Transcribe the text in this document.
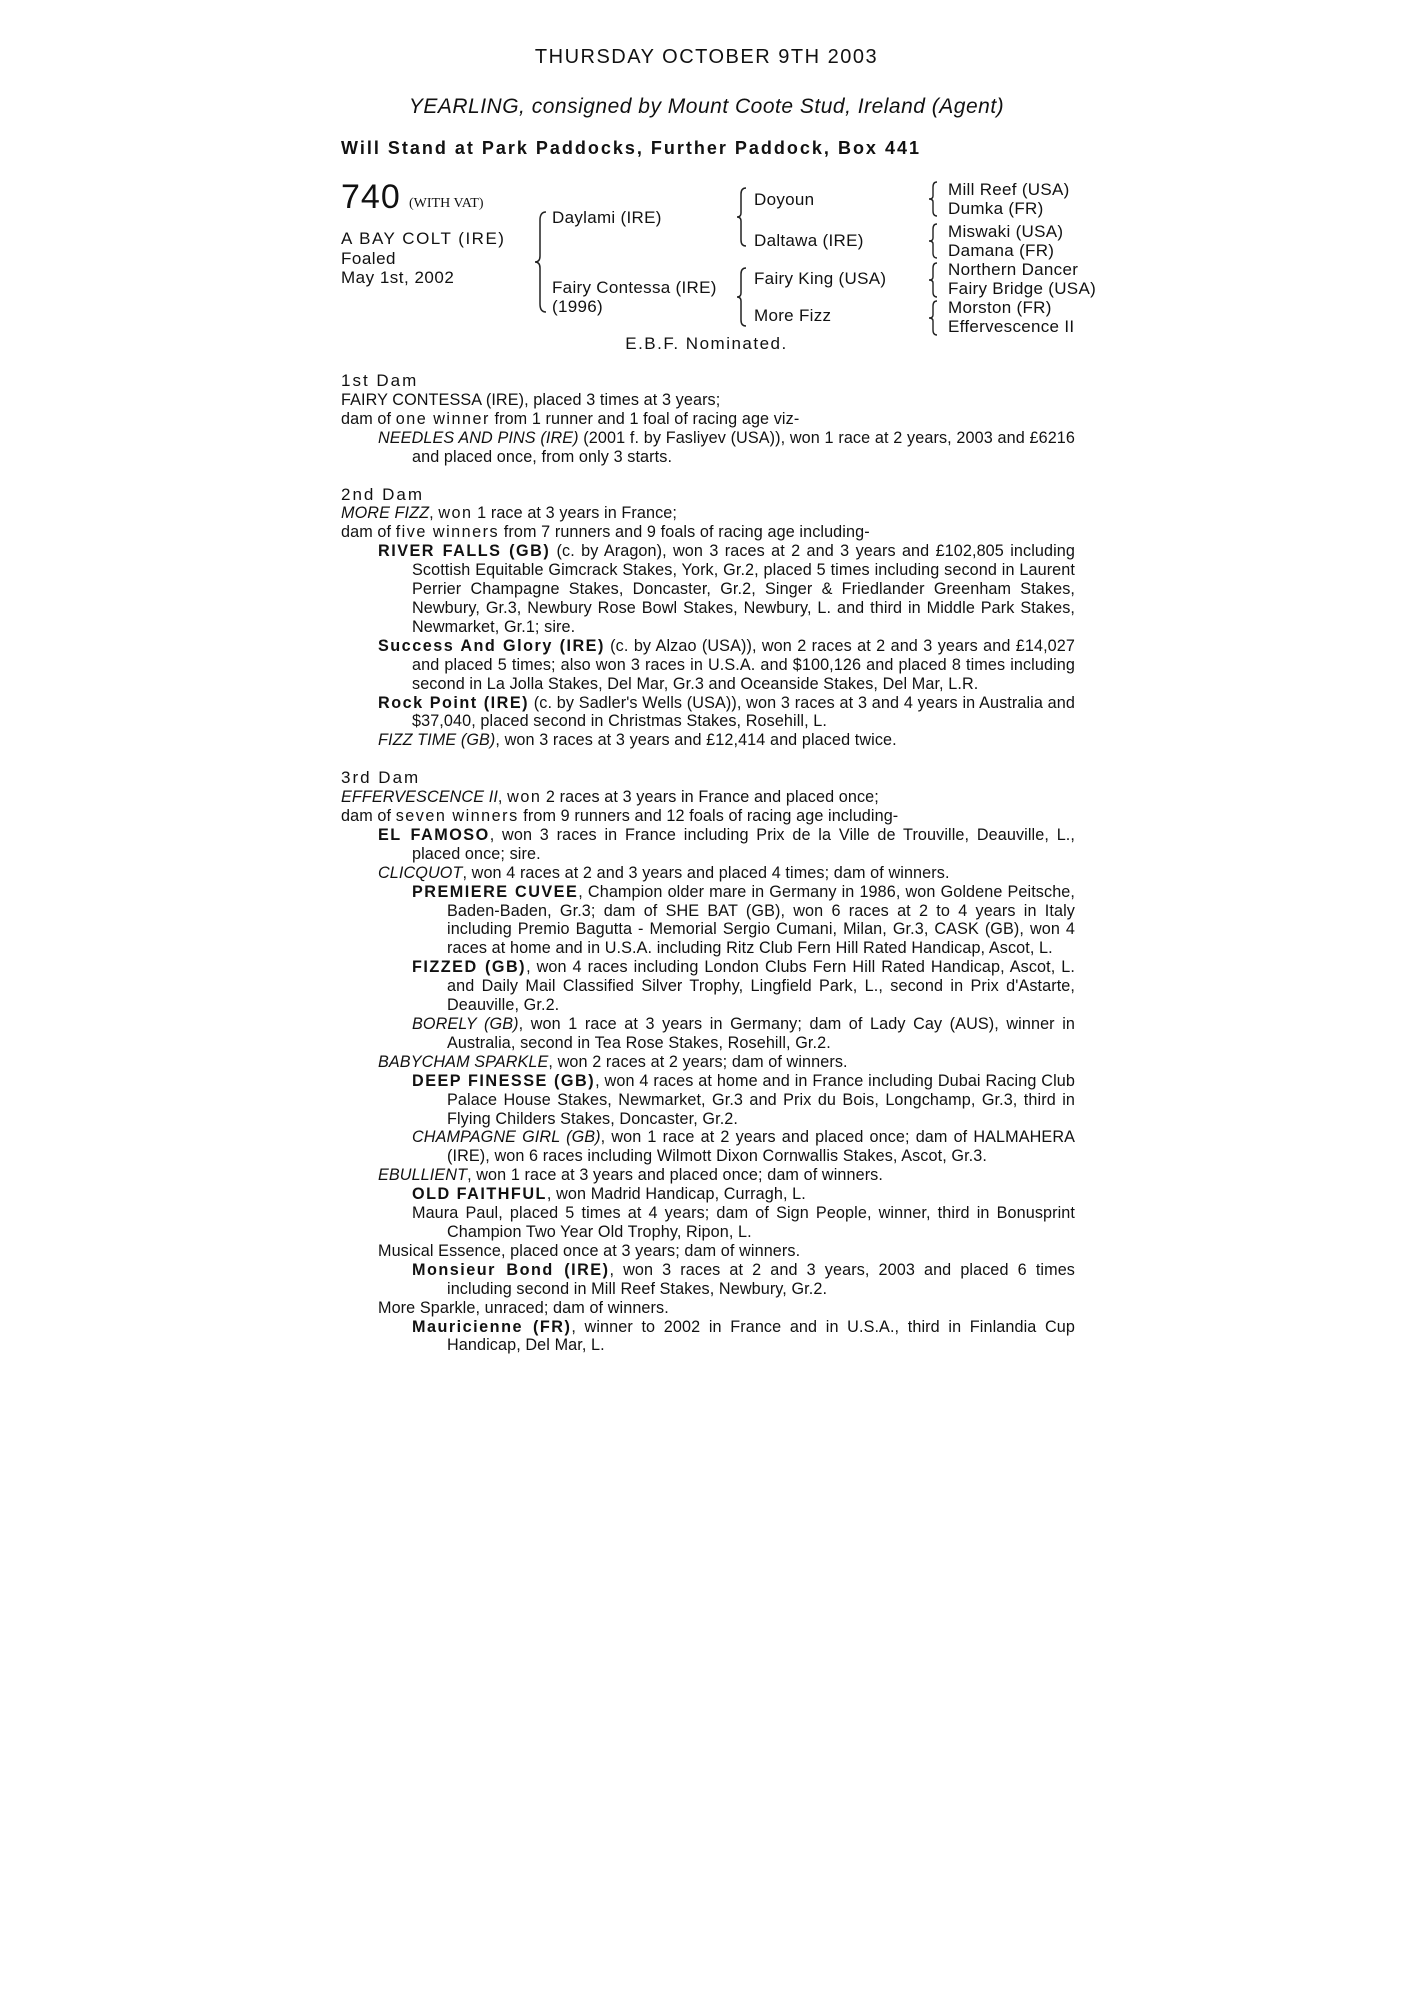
THURSDAY OCTOBER 9TH 2003
YEARLING, consigned by Mount Coote Stud, Ireland (Agent)
Will Stand at Park Paddocks, Further Paddock, Box 441
740 (WITH VAT)
A BAY COLT (IRE)
Foaled
May 1st, 2002
Daylami (IRE)
Fairy Contessa (IRE)
(1996)
Doyoun
Daltawa (IRE)
Fairy King (USA)
More Fizz
Mill Reef (USA)
Dumka (FR)
Miswaki (USA)
Damana (FR)
Northern Dancer
Fairy Bridge (USA)
Morston (FR)
Effervescence II
E.B.F. Nominated.
1st Dam
FAIRY CONTESSA (IRE), placed 3 times at 3 years;
dam of one winner from 1 runner and 1 foal of racing age viz-
NEEDLES AND PINS (IRE) (2001 f. by Fasliyev (USA)), won 1 race at 2 years, 2003 and £6216 and placed once, from only 3 starts.
2nd Dam
MORE FIZZ, won 1 race at 3 years in France;
dam of five winners from 7 runners and 9 foals of racing age including-
RIVER FALLS (GB) (c. by Aragon), won 3 races at 2 and 3 years and £102,805 including Scottish Equitable Gimcrack Stakes, York, Gr.2, placed 5 times including second in Laurent Perrier Champagne Stakes, Doncaster, Gr.2, Singer & Friedlander Greenham Stakes, Newbury, Gr.3, Newbury Rose Bowl Stakes, Newbury, L. and third in Middle Park Stakes, Newmarket, Gr.1; sire.
Success And Glory (IRE) (c. by Alzao (USA)), won 2 races at 2 and 3 years and £14,027 and placed 5 times; also won 3 races in U.S.A. and $100,126 and placed 8 times including second in La Jolla Stakes, Del Mar, Gr.3 and Oceanside Stakes, Del Mar, L.R.
Rock Point (IRE) (c. by Sadler's Wells (USA)), won 3 races at 3 and 4 years in Australia and $37,040, placed second in Christmas Stakes, Rosehill, L.
FIZZ TIME (GB), won 3 races at 3 years and £12,414 and placed twice.
3rd Dam
EFFERVESCENCE II, won 2 races at 3 years in France and placed once;
dam of seven winners from 9 runners and 12 foals of racing age including-
EL FAMOSO, won 3 races in France including Prix de la Ville de Trouville, Deauville, L., placed once; sire.
CLICQUOT, won 4 races at 2 and 3 years and placed 4 times; dam of winners.
PREMIERE CUVEE, Champion older mare in Germany in 1986, won Goldene Peitsche, Baden-Baden, Gr.3; dam of SHE BAT (GB), won 6 races at 2 to 4 years in Italy including Premio Bagutta - Memorial Sergio Cumani, Milan, Gr.3, CASK (GB), won 4 races at home and in U.S.A. including Ritz Club Fern Hill Rated Handicap, Ascot, L.
FIZZED (GB), won 4 races including London Clubs Fern Hill Rated Handicap, Ascot, L. and Daily Mail Classified Silver Trophy, Lingfield Park, L., second in Prix d'Astarte, Deauville, Gr.2.
BORELY (GB), won 1 race at 3 years in Germany; dam of Lady Cay (AUS), winner in Australia, second in Tea Rose Stakes, Rosehill, Gr.2.
BABYCHAM SPARKLE, won 2 races at 2 years; dam of winners.
DEEP FINESSE (GB), won 4 races at home and in France including Dubai Racing Club Palace House Stakes, Newmarket, Gr.3 and Prix du Bois, Longchamp, Gr.3, third in Flying Childers Stakes, Doncaster, Gr.2.
CHAMPAGNE GIRL (GB), won 1 race at 2 years and placed once; dam of HALMAHERA (IRE), won 6 races including Wilmott Dixon Cornwallis Stakes, Ascot, Gr.3.
EBULLIENT, won 1 race at 3 years and placed once; dam of winners.
OLD FAITHFUL, won Madrid Handicap, Curragh, L.
Maura Paul, placed 5 times at 4 years; dam of Sign People, winner, third in Bonusprint Champion Two Year Old Trophy, Ripon, L.
Musical Essence, placed once at 3 years; dam of winners.
Monsieur Bond (IRE), won 3 races at 2 and 3 years, 2003 and placed 6 times including second in Mill Reef Stakes, Newbury, Gr.2.
More Sparkle, unraced; dam of winners.
Mauricienne (FR), winner to 2002 in France and in U.S.A., third in Finlandia Cup Handicap, Del Mar, L.
